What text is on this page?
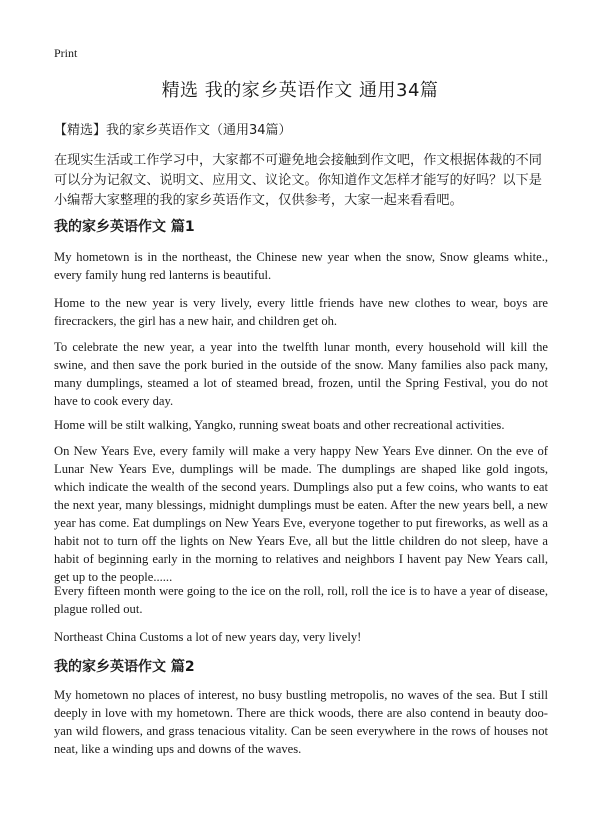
Print
精选 我的家乡英语作文 通用34篇

【精选】我的家乡英语作文（通用34篇）

在现实生活或工作学习中，大家都不可避免地会接触到作文吧，作文根据体裁的不同可以分为记叙文、说明文、应用文、议论文。你知道作文怎样才能写的好吗？以下是小编帮大家整理的我的家乡英语作文，仅供参考，大家一起来看看吧。

我的家乡英语作文 篇1

My hometown is in the northeast, the Chinese new year when the snow, Snow gleams white., every family hung red lanterns is beautiful.

Home to the new year is very lively, every little friends have new clothes to wear, boys are firecrackers, the girl has a new hair, and children get oh.

To celebrate the new year, a year into the twelfth lunar month, every household will kill the swine, and then save the pork buried in the outside of the snow. Many families also pack many, many dumplings, steamed a lot of steamed bread, frozen, until the Spring Festival, you do not have to cook every day.

Home will be stilt walking, Yangko, running sweat boats and other recreational activities.

On New Years Eve, every family will make a very happy New Years Eve dinner. On the eve of Lunar New Years Eve, dumplings will be made. The dumplings are shaped like gold ingots, which indicate the wealth of the second years. Dumplings also put a few coins, who wants to eat the next year, many blessings, midnight dumplings must be eaten. After the new years bell, a new year has come. Eat dumplings on New Years Eve, everyone together to put fireworks, as well as a habit not to turn off the lights on New Years Eve, all but the little children do not sleep, have a habit of beginning early in the morning to relatives and neighbors I havent pay New Years call, get up to the people......

Every fifteen month were going to the ice on the roll, roll, roll the ice is to have a year of disease, plague rolled out.

Northeast China Customs a lot of new years day, very lively!

我的家乡英语作文 篇2

My hometown no places of interest, no busy bustling metropolis, no waves of the sea. But I still deeply in love with my hometown. There are thick woods, there are also contend in beauty doo-yan wild flowers, and grass tenacious vitality. Can be seen everywhere in the rows of houses not neat, like a winding ups and downs of the waves.
